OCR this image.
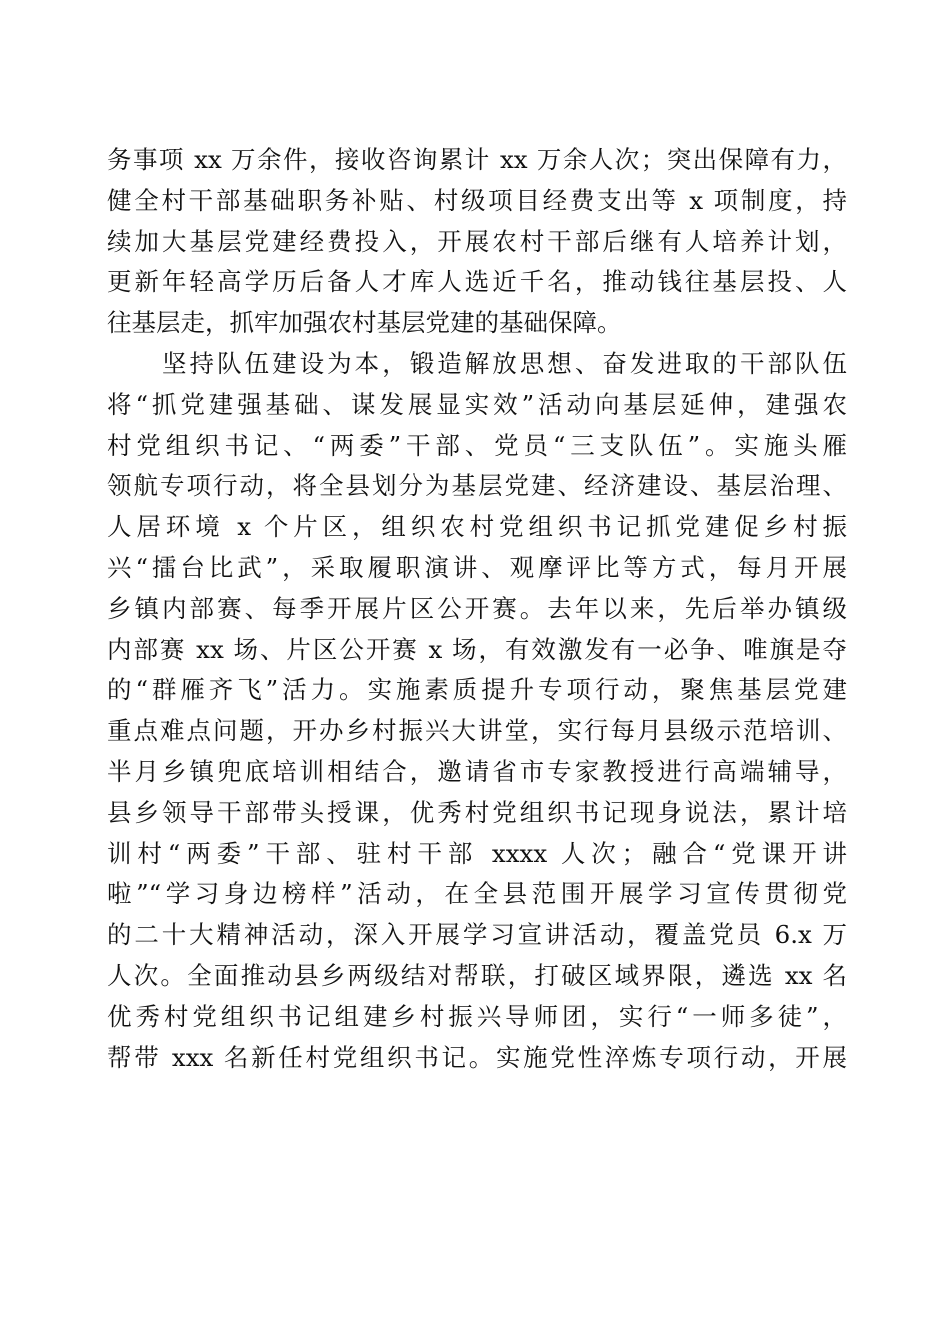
务事项 xx 万余件，接收咨询累计 xx 万余人次；突出保障有力，
健全村干部基础职务补贴、村级项目经费支出等 x 项制度，持
续加大基层党建经费投入，开展农村干部后继有人培养计划，
更新年轻高学历后备人才库人选近千名，推动钱往基层投、人
往基层走，抓牢加强农村基层党建的基础保障。
　　坚持队伍建设为本，锻造解放思想、奋发进取的干部队伍
将“抓党建强基础、谋发展显实效”活动向基层延伸，建强农
村党组织书记、“两委”干部、党员“三支队伍”。实施头雁
领航专项行动，将全县划分为基层党建、经济建设、基层治理、
人居环境 x 个片区，组织农村党组织书记抓党建促乡村振
兴“擂台比武”，采取履职演讲、观摩评比等方式，每月开展
乡镇内部赛、每季开展片区公开赛。去年以来，先后举办镇级
内部赛 xx 场、片区公开赛 x 场，有效激发有一必争、唯旗是夺
的“群雁齐飞”活力。实施素质提升专项行动，聚焦基层党建
重点难点问题，开办乡村振兴大讲堂，实行每月县级示范培训、
半月乡镇兜底培训相结合，邀请省市专家教授进行高端辅导，
县乡领导干部带头授课，优秀村党组织书记现身说法，累计培
训村“两委”干部、驻村干部 xxxx 人次；融合“党课开讲
啦”“学习身边榜样”活动，在全县范围开展学习宣传贯彻党
的二十大精神活动，深入开展学习宣讲活动，覆盖党员 6.x 万
人次。全面推动县乡两级结对帮联，打破区域界限，遴选 xx 名
优秀村党组织书记组建乡村振兴导师团，实行“一师多徒”，
帮带 xxx 名新任村党组织书记。实施党性淬炼专项行动，开展
